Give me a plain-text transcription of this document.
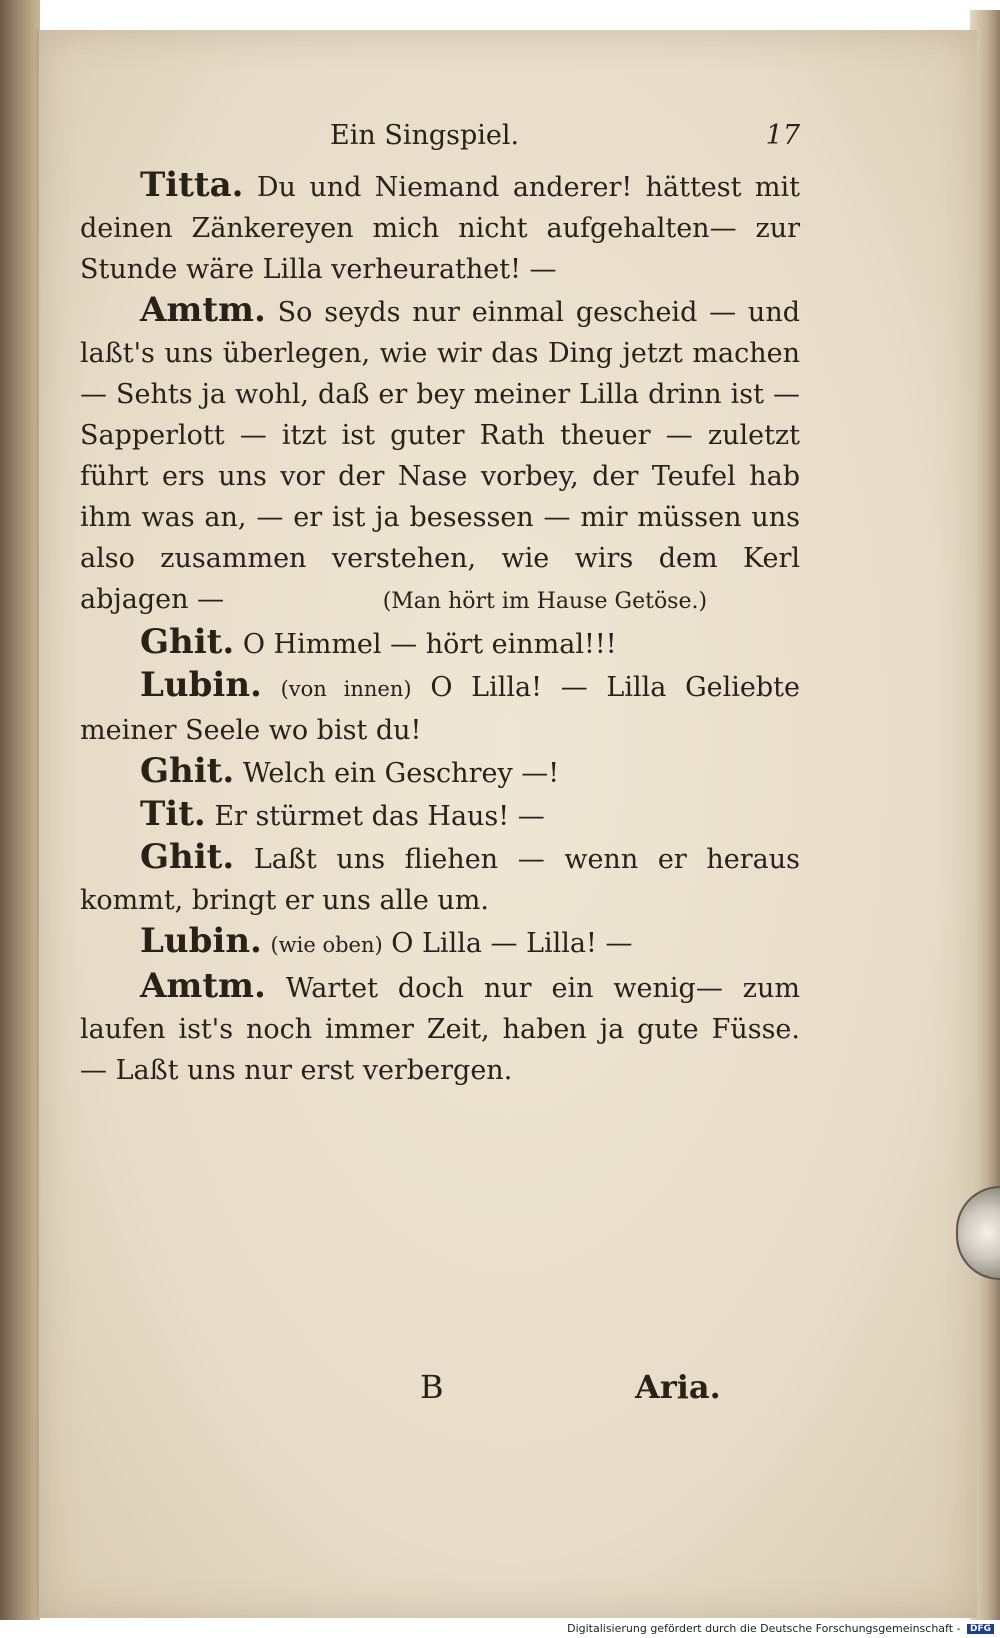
Ein Singspiel.	17

Titta. Du und Niemand anderer! hättest mit deinen Zänkereyen mich nicht aufgehalten— zur Stunde wäre Lilla verheurathet! —

Amtm. So seyds nur einmal gescheid — und laßt's uns überlegen, wie wir das Ding jetzt machen — Sehts ja wohl, daß er bey meiner Lilla drinn ist — Sapperlott — itzt ist guter Rath theuer — zuletzt führt ers uns vor der Nase vorbey, der Teufel hab ihm was an, — er ist ja besessen — mir müssen uns also zusammen verstehen, wie wirs dem Kerl abjagen —	(Man hört im Hause Getöse.)

Ghit. O Himmel — hört einmal!!!

Lubin. (von innen) O Lilla! — Lilla Geliebte meiner Seele wo bist du!

Ghit. Welch ein Geschrey —!

Tit. Er stürmet das Haus! —

Ghit. Laßt uns fliehen — wenn er heraus kommt, bringt er uns alle um.

Lubin. (wie oben) O Lilla — Lilla! —

Amtm. Wartet doch nur ein wenig— zum laufen ist's noch immer Zeit, haben ja gute Füsse. — Laßt uns nur erst verbergen.

B	Aria.
Digitalisierung gefördert durch die Deutsche Forschungsgemeinschaft - DFG
